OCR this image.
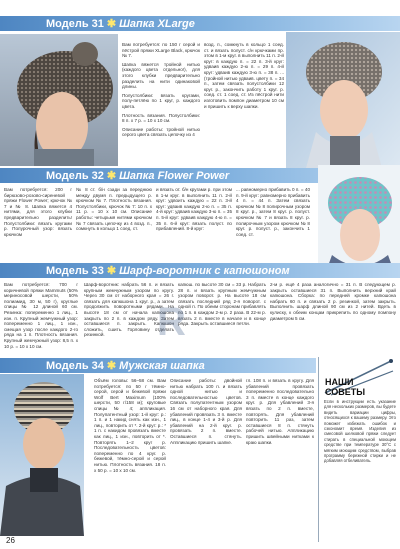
Модель 31 ✱ Шапка XLarge

Вам потребуется: по 150 г серой и пёстрой пряжи XLarge Black, крючок № 7.

Шапка вяжется тройной нитью (каждого цвета отдельно!), для этого клубки предварительно разделить на нити одинаковой длины.

Полустолбики: вязать кругами, полу-петлёю по 1 круг, р. каждого цвета.

Плотность вязания. Полустолбики: 8 п. х 7 р. = 10 х 10 см.

Описание работы: тройной нитью серого цвета связать цепочку из 4

возд. п., сомкнуть в кольцо 1 соед. ст. и вязать полуст. с/н крючками пр. этом в 1-м круг. в выполнить 11 п. 2-й круг: в каждую п. = 22 п. 3-й круг: удваив каждую 2-ю п. = 29 п. 4-й круг: удваив каждую 3-ю п. = 38 п. ... (тройной нитью удваив. цвету п. = 34 п., затем связать полустолбики 12 круг. р., закончить работу 1 круг. р. соед. ст. 1 соед. ст. Из пёстрой нити изготовить помпон диаметром 10 см и пришить к верху шапки.

Модель 32 ✱ Шапка Flower Power

Вам потребуется: 200 г бирюзово-розово-сиреневой пряжи Flower Power; крючок № 7 и № 8. Шапка вяжется 4 нитями, для этого клубки предварительно разделить! Полустолбики: вязать кругами р. Полурочный узор: вязать крючком

№ 8 ст. б/н сзади за переднюю между двумя п. предыдущего р. крючком № 7. Плотность вязания. Полустолбики, крючок № 7: 10 п. х 11 р. = 10 х 10 см. Описание работы: четырьмя нитями крючком № 7 связать цепочку из 4 возд. п., сомкнуть в кольцо 1 соед. ст.

и вязать от. б/н кругами р. при этом в 1-м круг. в выполнить 11 п. 2-й круг: удвоить каждую = 22 п. 3-й круг: удваив каждую 2-ю п. = 35 п. 4-й круг: удваив каждую 3-ю п. = 35 п. 5-й круг: удваив каждую 4-ю п. = 35 п. 6-й круг: вязать полуст. по прибавлений. 8-й круг:

... равномерно прибавить 0 п. = 40 п. 9-й круг: равномерно прибавить 4 п. = 44 п. Затем связать крючком № 8 полирочным узором 8 круг. р., затем 8 круг. р. полуст. крючком № 7 и вязать 8 круг. р. полирочным узором крючком № 8 круг. р. полуст. р., закончить 1 соед. ст.

Модель 33 ✱ Шарф-воротник с капюшоном

Вам потребуется: 700 г коричневой пряжи Mammuts (50% мериносовой шерсти, 50% полиамид, 30 м, 50 г), круглые спицы № 12 длиной 60 см. Резинка: попеременно 1 лиц., 1 изн. п. Крупный жемчужный узор: попеременно 1 лиц., 1 изн., смещая узор после каждого 2-го ряда на 1 п. Плотность вязания. Крупный жемчужный узор: 8,5 п. х 10 р. = 10 х 10 см.

Шарф-воротник: набрать 56 п. и вязать крупным жемчужным узором по кругу. Через 30 см от наборного края = 26 г. связать для капюшона 1 круг. р., а затем продолжить поворотными рядами. На высоте 18 см от начала капюшона закрыть по 2 п. в каждом ряду. Затем оставшиеся п. закрыть. Капюшон сложить, сшить. Горловину отделать резинкой.

капюш. по высоте 30 см = 33 р. Набрать 28 п. и вязать крупным жемчужным узором поворот. р. На высоте 18 см связать последний ряд 2-я поворот. с одной п. По обеим сторонам прибавлять по 1 п. в каждом 2-м р. 2 раза. В 22-м р. вязать 2 п. вместе в начале и в конце ряда. Закрыть оставшиеся петли.

2-м р. ещё 4 раза аналогично = 31 п. В следующем р. закрыть оставшиеся 31 п. Выполнить верхний край капюшона. Сборка: по передней кромке капюшона набрать 60 п. и связать 2 р. резинкой, затем закрыть. Выполнить шарф длиной 90 см из 2 нитей. Вдеть в кулиску, к обеим концам прикрепить по одному помпону диаметром 5 см.

R
Модель 34 ✱ Мужская шапка

Объём головы: 56–58 см. Вам потребуется: по 50 г тёмно-серой, серой и бежевой пряжи Wolf Bert Maximum (100% шерсти, 50 г/158 м); круговые спицы № 4; аппликация. Полупатентный узор: 1-й круг: р.: 1 п. и 1 накид снять как изн., 1 лиц., повторить от *. 2-й круг: р.: * 1 п. с накидом провязать вместе как лиц., 1 изн., повторить от *. Повторять 1–2 круг р. Последовательность цветов: попеременно по 4 круг. р. бежевой, тёмно-серой и серой нитью. Плотность вязания. 18 п. х 50 р. = 10 х 10 см.

Описание работы: двойной нитью набрать 100 п. и вязать одной нитью и последовательностью цветов. Связать полупатентным узором 16 см от наборного края. Для убавлений провязать 3 п. вместе лиц., в конце 1-4 и 3-й р. Для убавлений на 2-й круг. р. провязать 2 п. вместе. Оставшиеся п. стянуть. Аппликацию пришить шапке.

гл. 108 п. и вязать в кругу. Для убавлений провязать попеременно последовательно 3 п. вместе в конце каждого круг. р. Для убавлений 3-я вязать по 2 п. вместе, повторять. Для убавлений повторить 11 раз, затем оставшиеся 8 п. стянуть рабочей нитью. Аппликацию пришить швейными нитками к краю шапки.

НАШИ
СОВЕТЫ
Если в инструкции есть указание для нескольких размеров, вы будете видеть вариации цифры, относящихся к вашему размеру. Это поможет избежать ошибок и сэкономит время. Изделия из смесовой шелковой пряжи следует стирать в специальной моющем средстве при температуре 30°C с мягким моющим средством, выбрав программу бережной стирки и не добавляя отбеливатель.
26
